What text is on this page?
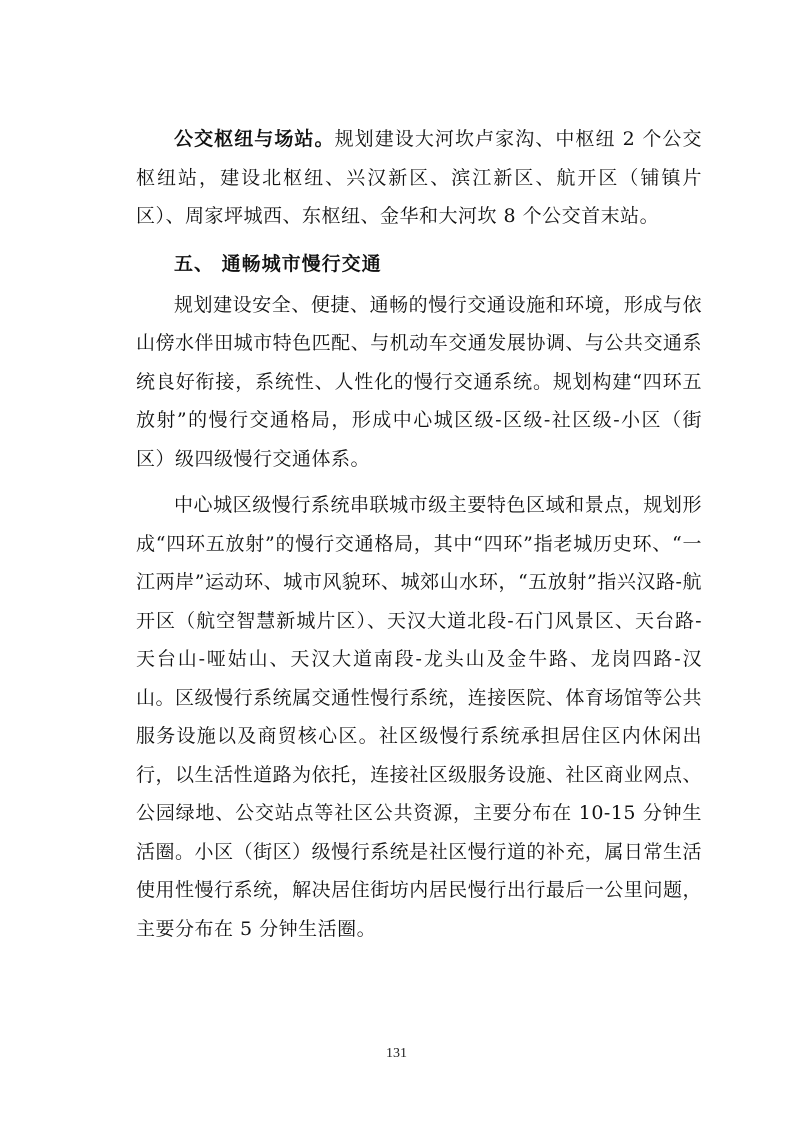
公交枢纽与场站。规划建设大河坎卢家沟、中枢纽 2 个公交枢纽站，建设北枢纽、兴汉新区、滨江新区、航开区（铺镇片区）、周家坪城西、东枢纽、金华和大河坎 8 个公交首末站。

五、 通畅城市慢行交通

规划建设安全、便捷、通畅的慢行交通设施和环境，形成与依山傍水伴田城市特色匹配、与机动车交通发展协调、与公共交通系统良好衔接，系统性、人性化的慢行交通系统。规划构建“四环五放射”的慢行交通格局，形成中心城区级-区级-社区级-小区（街区）级四级慢行交通体系。

中心城区级慢行系统串联城市级主要特色区域和景点，规划形成“四环五放射”的慢行交通格局，其中“四环”指老城历史环、“一江两岸”运动环、城市风貌环、城郊山水环，“五放射”指兴汉路-航开区（航空智慧新城片区）、天汉大道北段-石门风景区、天台路-天台山-哑姑山、天汉大道南段-龙头山及金牛路、龙岗四路-汉山。区级慢行系统属交通性慢行系统，连接医院、体育场馆等公共服务设施以及商贸核心区。社区级慢行系统承担居住区内休闲出行，以生活性道路为依托，连接社区级服务设施、社区商业网点、公园绿地、公交站点等社区公共资源，主要分布在 10-15 分钟生活圈。小区（街区）级慢行系统是社区慢行道的补充，属日常生活使用性慢行系统，解决居住街坊内居民慢行出行最后一公里问题，主要分布在 5 分钟生活圈。

131
